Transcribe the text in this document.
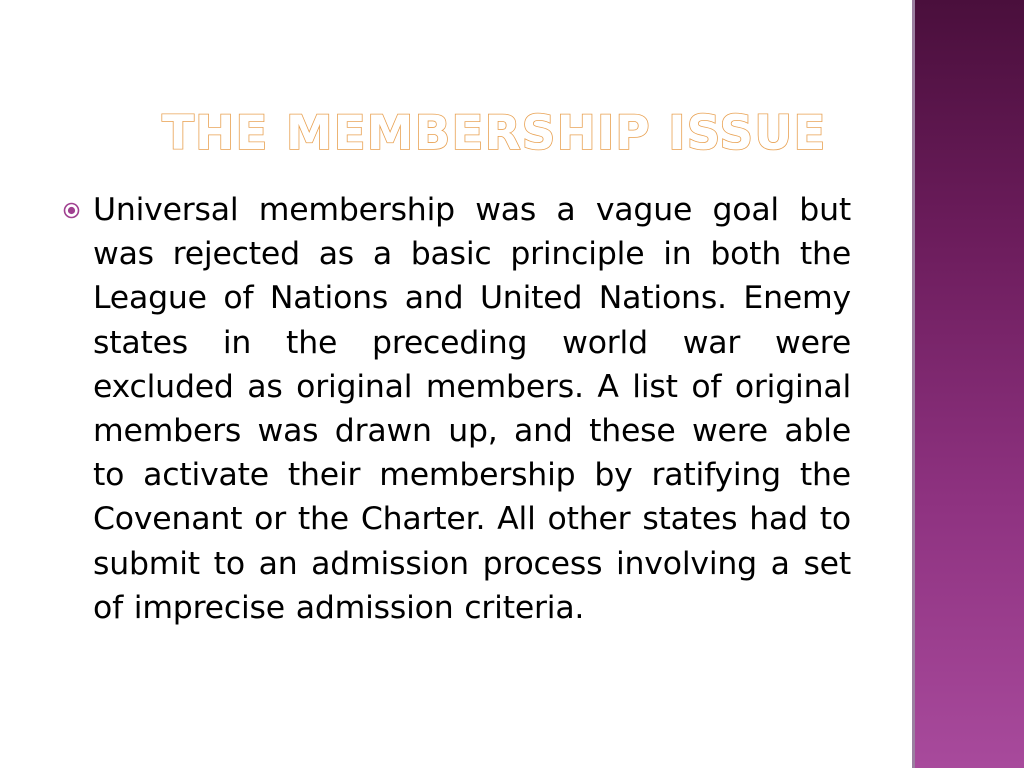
THE MEMBERSHIP ISSUE

Universal membership was a vague goal but was rejected as a basic principle in both the League of Nations and United Nations. Enemy states in the preceding world war were excluded as original members. A list of original members was drawn up, and these were able to activate their membership by ratifying the Covenant or the Charter. All other states had to submit to an admission process involving a set of imprecise admission criteria.
